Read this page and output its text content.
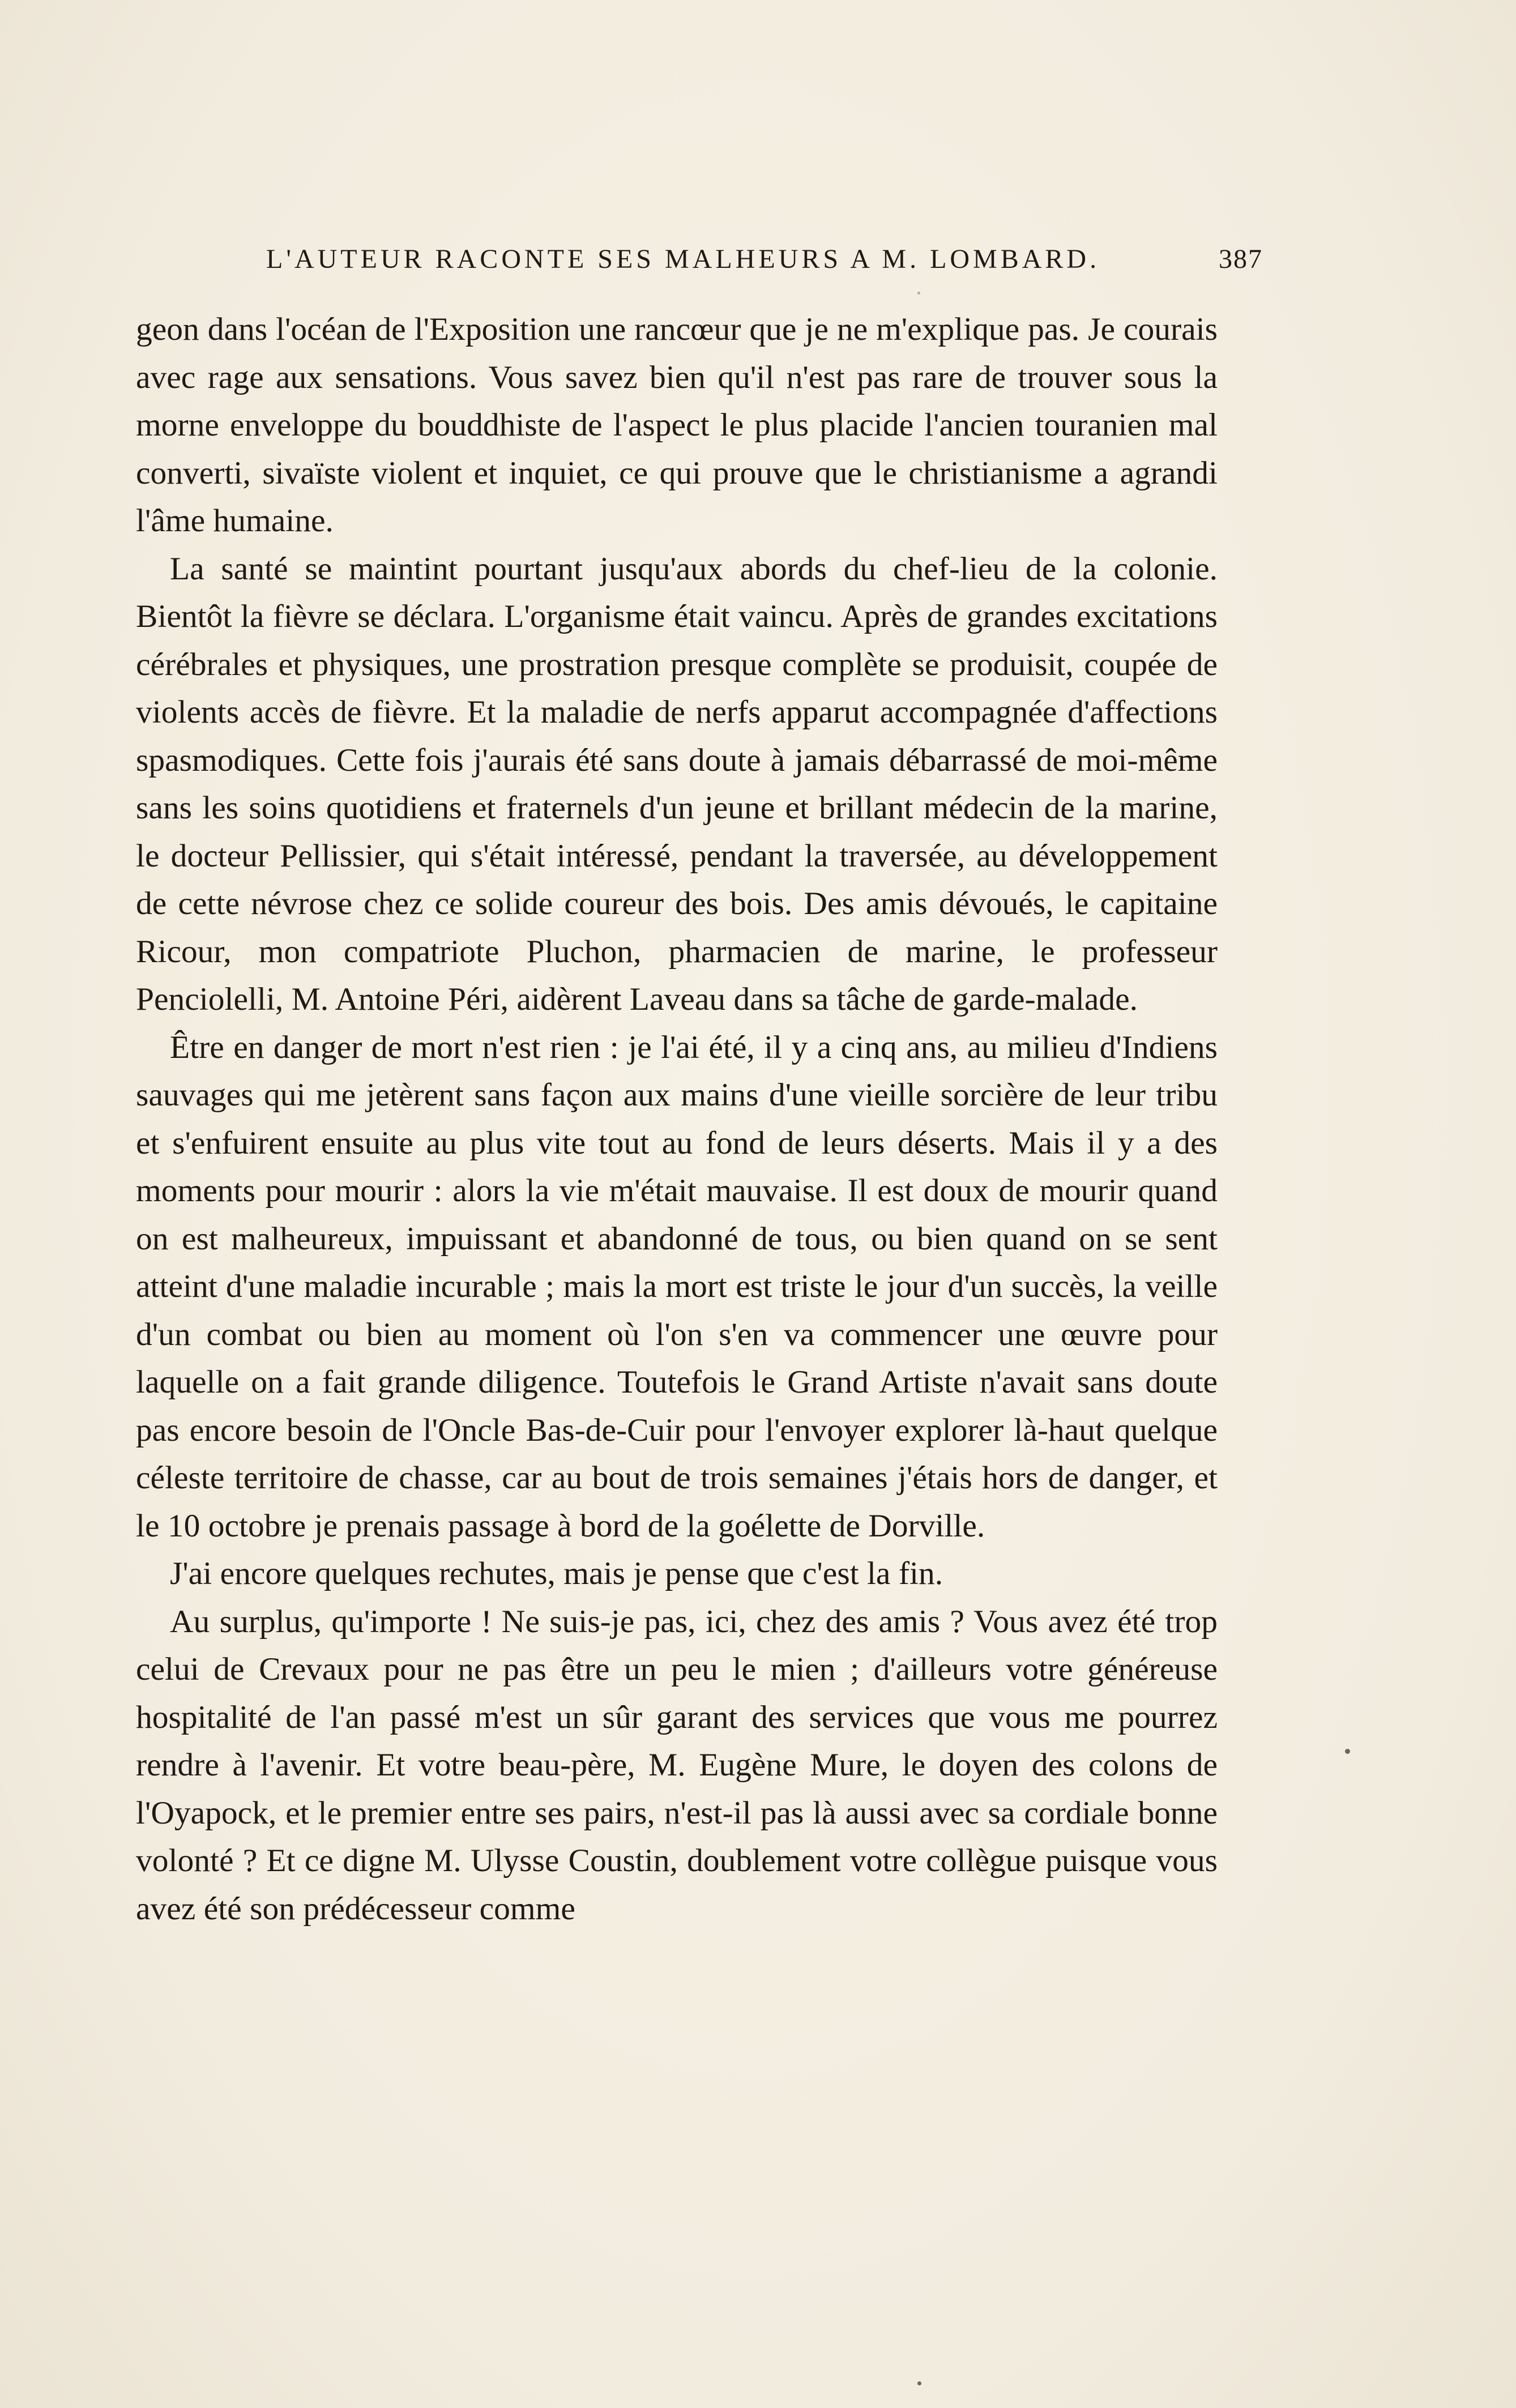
L'AUTEUR RACONTE SES MALHEURS A M. LOMBARD.	387

geon dans l'océan de l'Exposition une rancœur que je ne m'explique pas. Je courais avec rage aux sensations. Vous savez bien qu'il n'est pas rare de trouver sous la morne enveloppe du bouddhiste de l'aspect le plus placide l'ancien touranien mal converti, sivaïste violent et inquiet, ce qui prouve que le christianisme a agrandi l'âme humaine.

La santé se maintint pourtant jusqu'aux abords du chef-lieu de la colonie. Bientôt la fièvre se déclara. L'organisme était vaincu. Après de grandes excitations cérébrales et physiques, une prostration presque complète se produisit, coupée de violents accès de fièvre. Et la maladie de nerfs apparut accompagnée d'affections spasmodiques. Cette fois j'aurais été sans doute à jamais débarrassé de moi-même sans les soins quotidiens et fraternels d'un jeune et brillant médecin de la marine, le docteur Pellissier, qui s'était intéressé, pendant la traversée, au développement de cette névrose chez ce solide coureur des bois. Des amis dévoués, le capitaine Ricour, mon compatriote Pluchon, pharmacien de marine, le professeur Penciolelli, M. Antoine Péri, aidèrent Laveau dans sa tâche de garde-malade.

Être en danger de mort n'est rien : je l'ai été, il y a cinq ans, au milieu d'Indiens sauvages qui me jetèrent sans façon aux mains d'une vieille sorcière de leur tribu et s'enfuirent ensuite au plus vite tout au fond de leurs déserts. Mais il y a des moments pour mourir : alors la vie m'était mauvaise. Il est doux de mourir quand on est malheureux, impuissant et abandonné de tous, ou bien quand on se sent atteint d'une maladie incurable ; mais la mort est triste le jour d'un succès, la veille d'un combat ou bien au moment où l'on s'en va commencer une œuvre pour laquelle on a fait grande diligence. Toutefois le Grand Artiste n'avait sans doute pas encore besoin de l'Oncle Bas-de-Cuir pour l'envoyer explorer là-haut quelque céleste territoire de chasse, car au bout de trois semaines j'étais hors de danger, et le 10 octobre je prenais passage à bord de la goélette de Dorville.

J'ai encore quelques rechutes, mais je pense que c'est la fin.

Au surplus, qu'importe ! Ne suis-je pas, ici, chez des amis ? Vous avez été trop celui de Crevaux pour ne pas être un peu le mien ; d'ailleurs votre généreuse hospitalité de l'an passé m'est un sûr garant des services que vous me pourrez rendre à l'avenir. Et votre beau-père, M. Eugène Mure, le doyen des colons de l'Oyapock, et le premier entre ses pairs, n'est-il pas là aussi avec sa cordiale bonne volonté ? Et ce digne M. Ulysse Coustin, doublement votre collègue puisque vous avez été son prédécesseur comme
